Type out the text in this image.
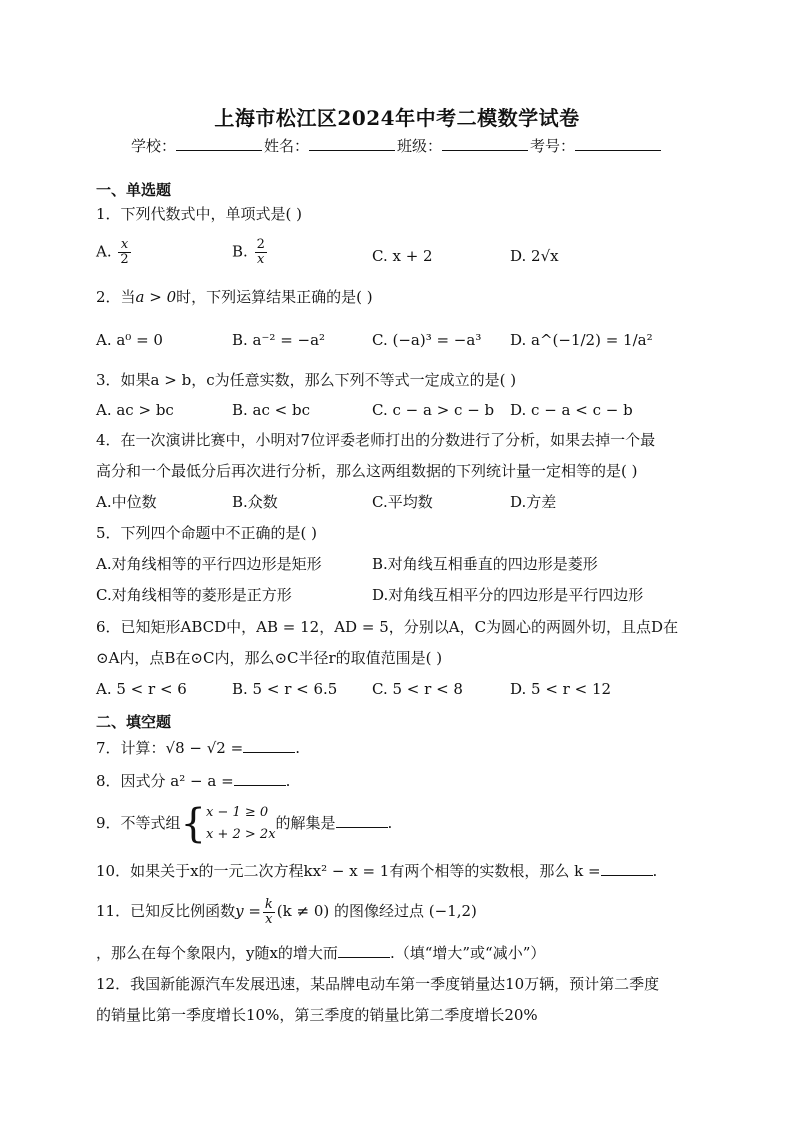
上海市松江区2024年中考二模数学试卷
学校：	姓名：	班级：	考号：
一、单选题
1．下列代数式中，单项式是( )
A. $\frac{x}{2}$	B. $\frac{2}{x}$	C. x + 2	D. 2√x
2．当a > 0时，下列运算结果正确的是( )
A. a⁰ = 0	B. a⁻² = −a²	C. (−a)³ = −a³ D. a^(−1/2) = 1/a²
3．如果a > b，c为任意实数，那么下列不等式一定成立的是( )
A. ac > bc	B. ac < bc	C. c − a > c − b D. c − a < c − b
4．在一次演讲比赛中，小明对7位评委老师打出的分数进行了分析，如果去掉一个最
高分和一个最低分后再次进行分析，那么这两组数据的下列统计量一定相等的是( )
A.中位数	B.众数	C.平均数	D.方差
5．下列四个命题中不正确的是( )
A.对角线相等的平行四边形是矩形	B.对角线互相垂直的四边形是菱形
C.对角线相等的菱形是正方形	D.对角线互相平分的四边形是平行四边形
6．已知矩形ABCD中，AB = 12，AD = 5，分别以A，C为圆心的两圆外切，且点D在
⊙A内，点B在⊙C内，那么⊙C半径r的取值范围是( )
A. 5 < r < 6	B. 5 < r < 6.5 C. 5 < r < 8	D. 5 < r < 12
二、填空题
7．计算：√8 − √2 =	.
8．因式分 a² − a =	.
9．不等式组{ x − 1 ≥ 0
x + 2 > 2x
的解集是	.
10．如果关于x的一元二次方程kx² − x = 1有两个相等的实数根，那么 k =	.
11．已知反比例函数$y = \frac{k}{x} (k \ne 0)$ 的图像经过点 (−1,2)
，那么在每个象限内，y随x的增大而	.（填“增大”或“减小”）
12．我国新能源汽车发展迅速，某品牌电动车第一季度销量达10万辆，预计第二季度
的销量比第一季度增长10%，第三季度的销量比第二季度增长20%
